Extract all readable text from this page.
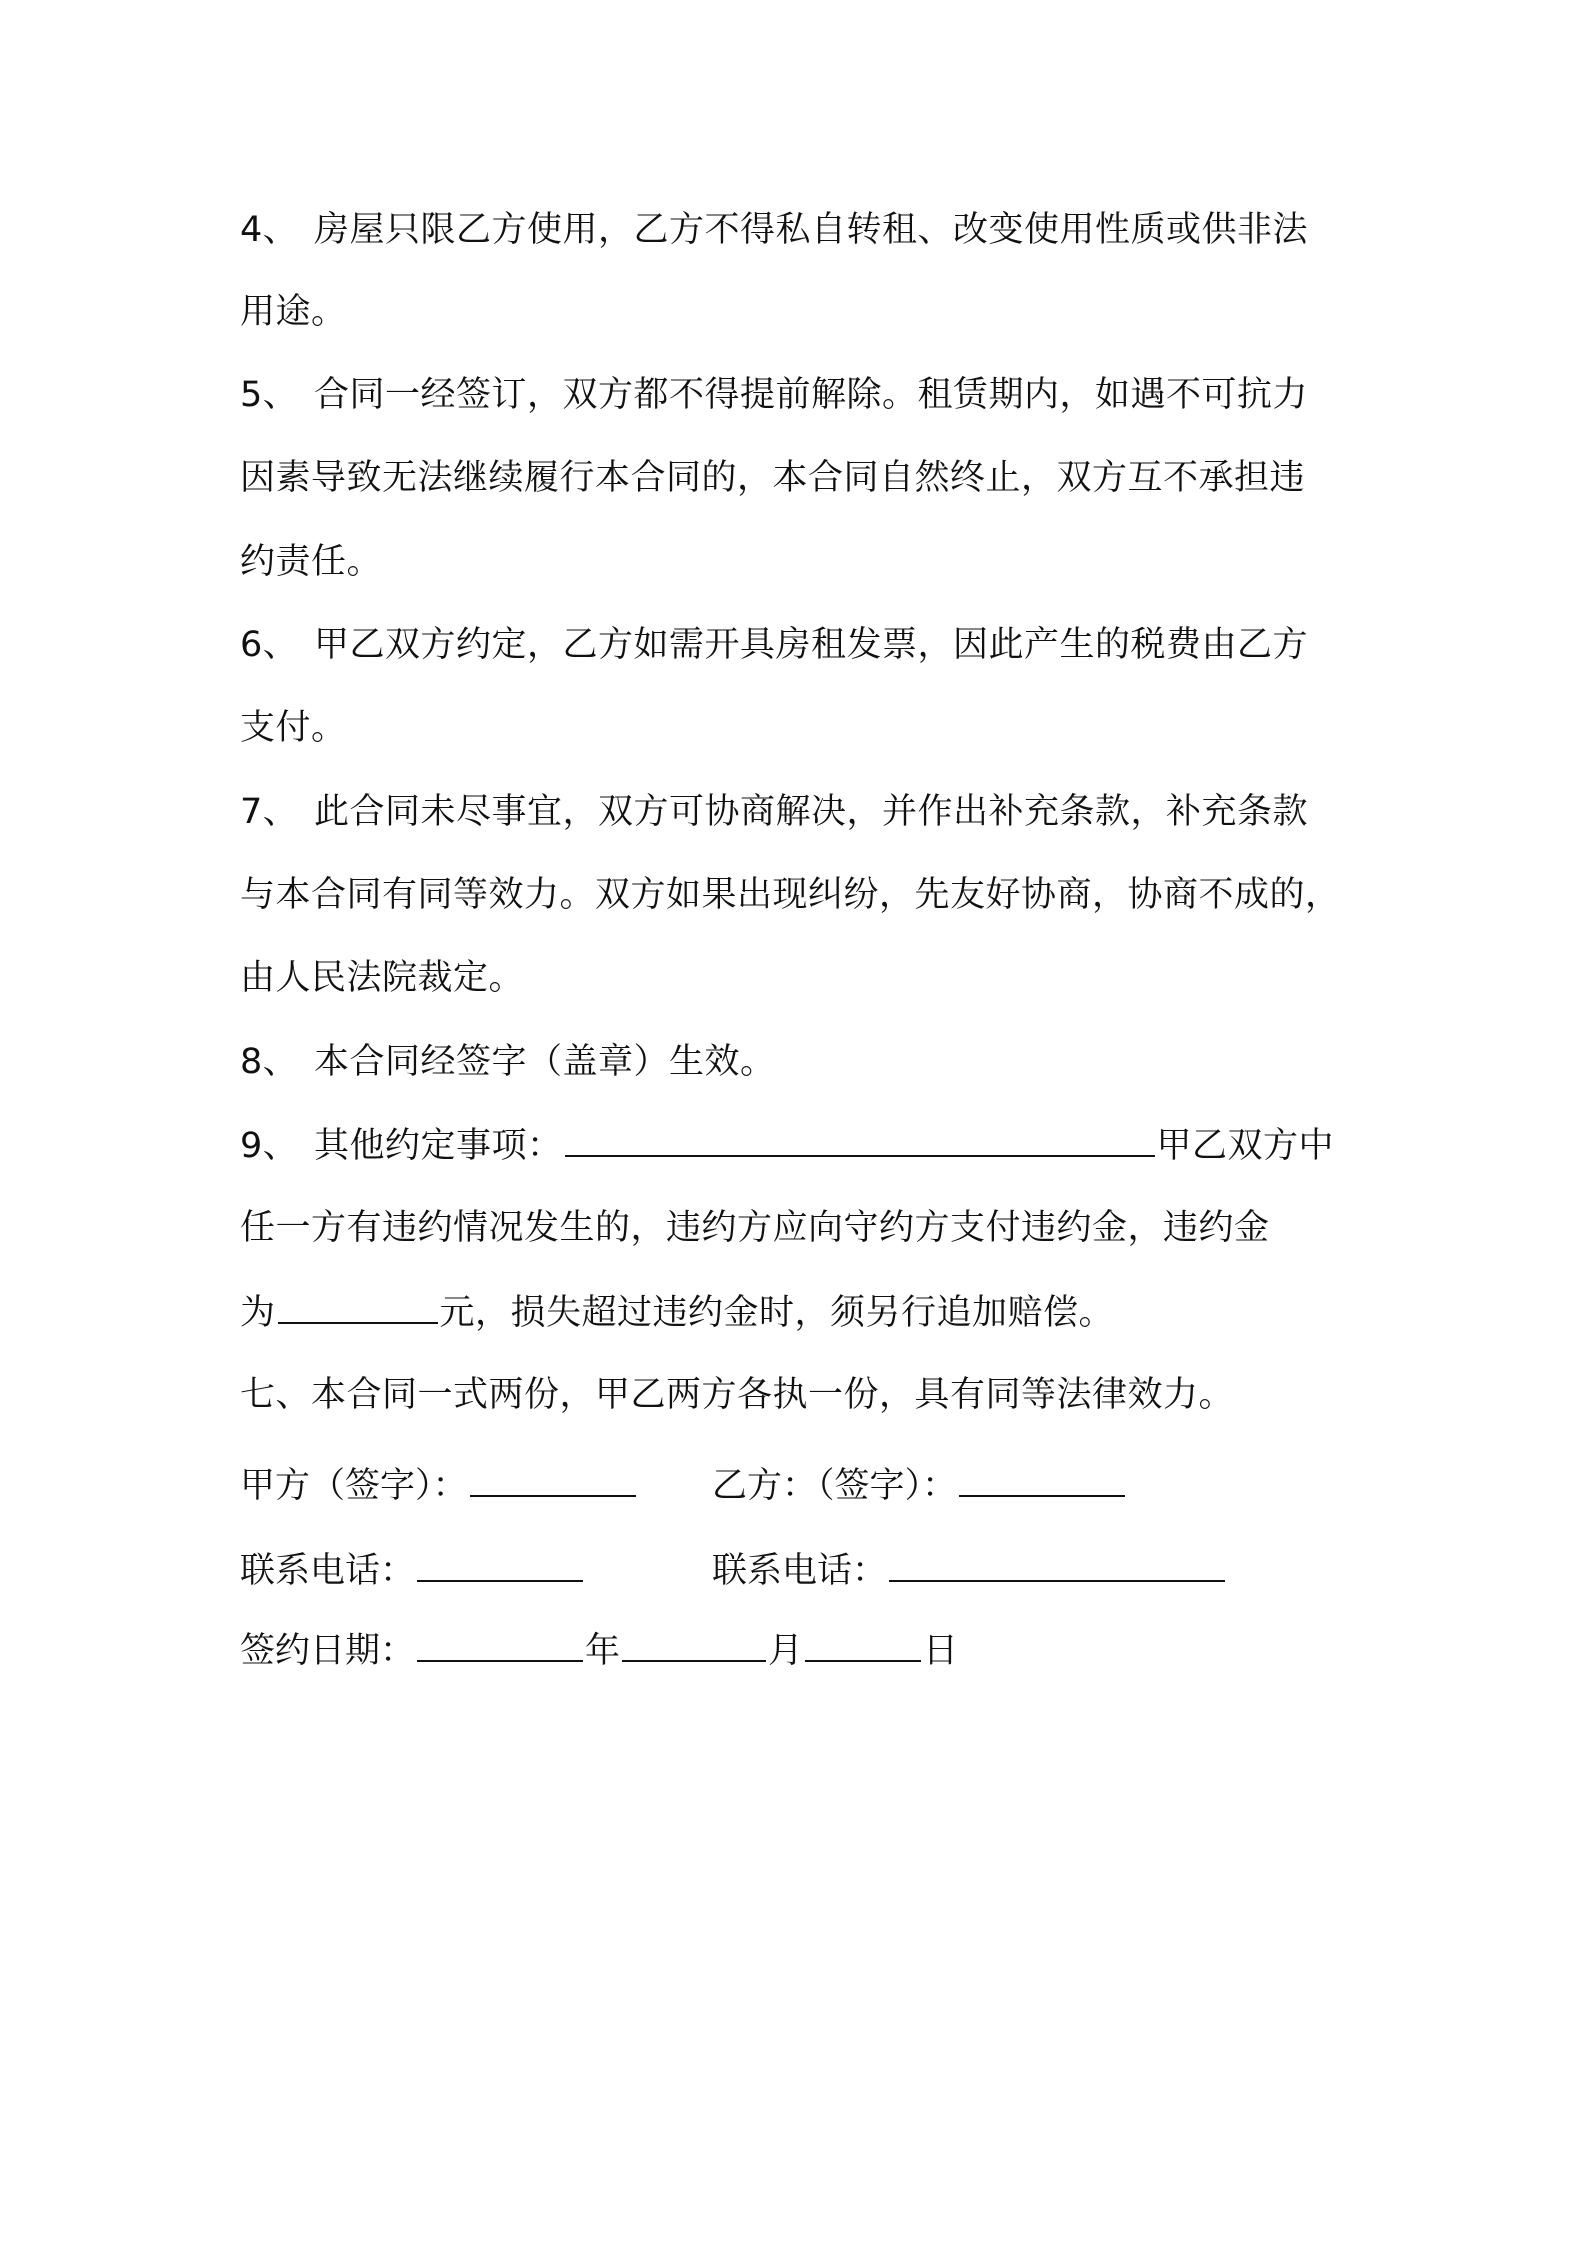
4、 房屋只限乙方使用，乙方不得私自转租、改变使用性质或供非法
用途。
5、 合同一经签订，双方都不得提前解除。租赁期内，如遇不可抗力
因素导致无法继续履行本合同的，本合同自然终止，双方互不承担违
约责任。
6、 甲乙双方约定，乙方如需开具房租发票，因此产生的税费由乙方
支付。
7、 此合同未尽事宜，双方可协商解决，并作出补充条款，补充条款
与本合同有同等效力。双方如果出现纠纷，先友好协商，协商不成的，
由人民法院裁定。
8、 本合同经签字（盖章）生效。
9、 其他约定事项：	甲乙双方中
任一方有违约情况发生的，违约方应向守约方支付违约金，违约金
为	元，损失超过违约金时，须另行追加赔偿。
七、本合同一式两份，甲乙两方各执一份，具有同等法律效力。
甲方（签字）：	乙方：（签字）：
联系电话：	联系电话：
签约日期：	年	月	日
